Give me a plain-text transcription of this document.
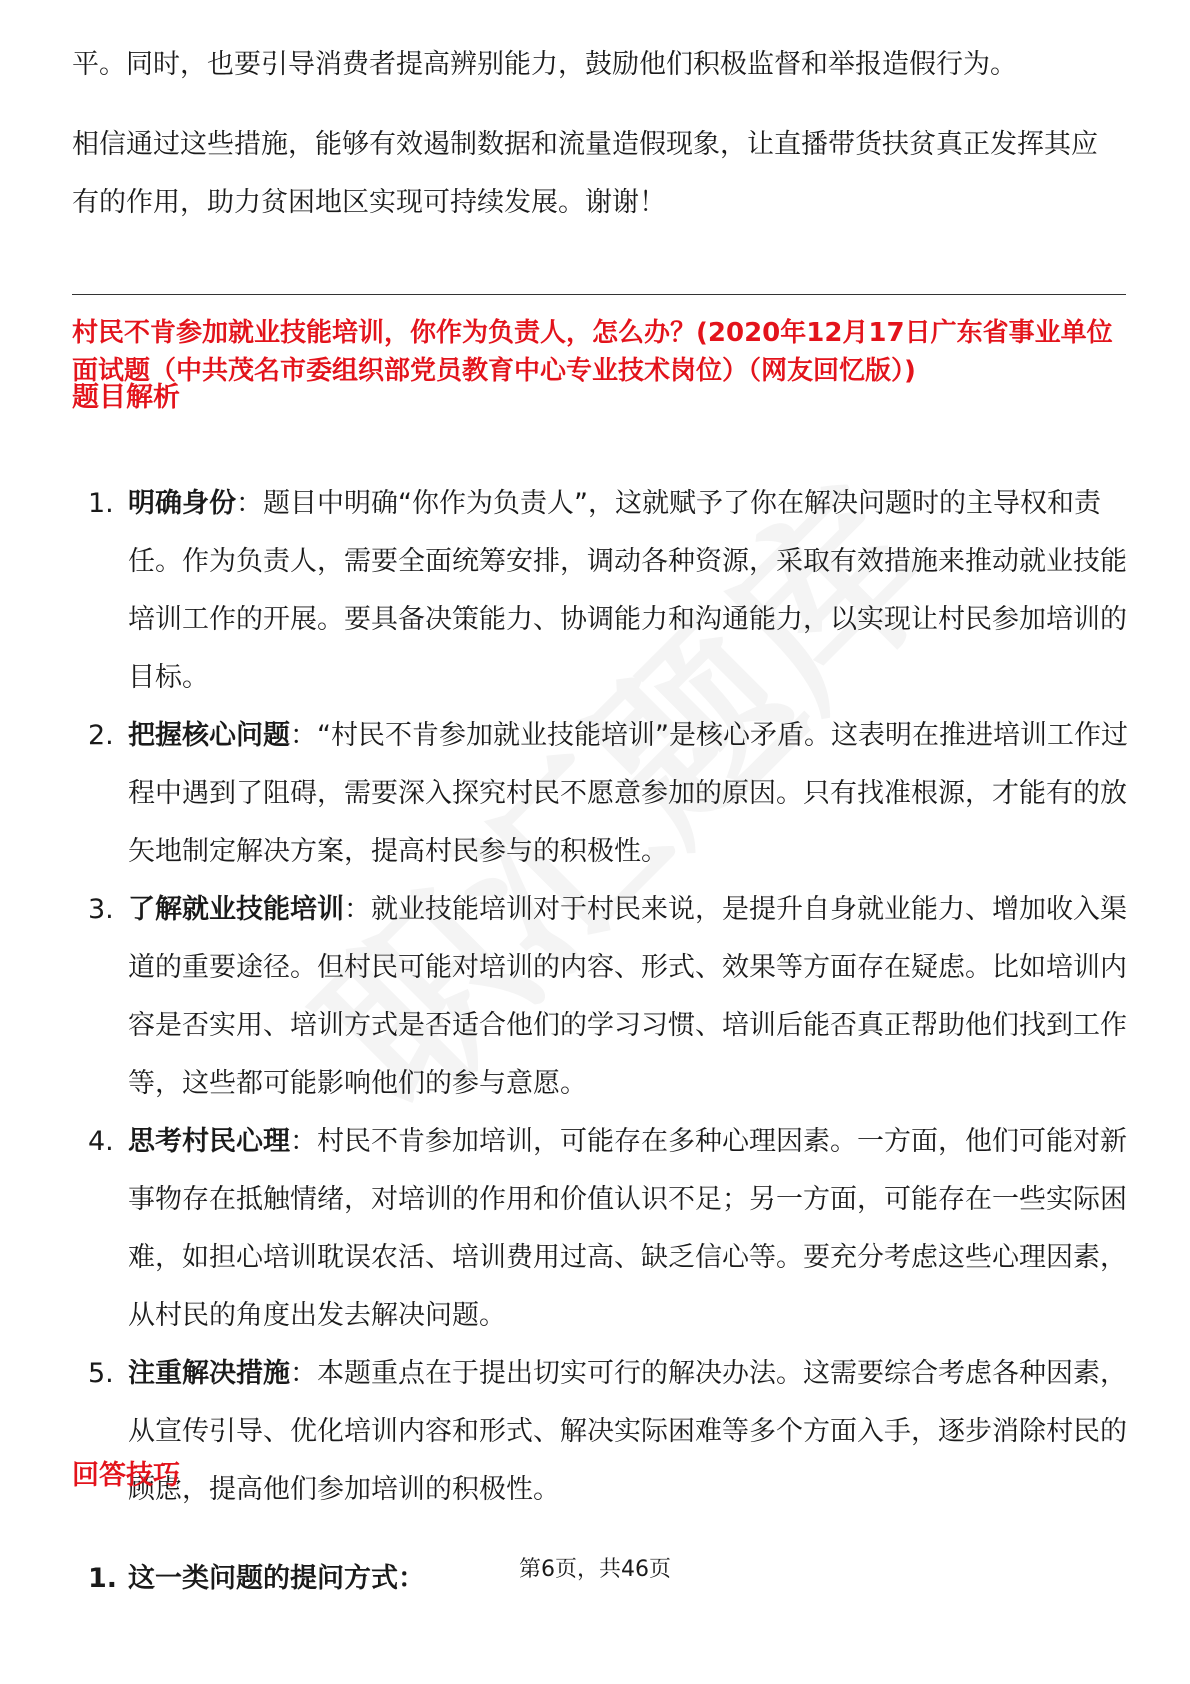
平。同时，也要引导消费者提高辨别能力，鼓励他们积极监督和举报造假行为。

相信通过这些措施，能够有效遏制数据和流量造假现象，让直播带货扶贫真正发挥其应有的作用，助力贫困地区实现可持续发展。谢谢！

村民不肯参加就业技能培训，你作为负责人，怎么办？(2020年12月17日广东省事业单位面试题（中共茂名市委组织部党员教育中心专业技术岗位）（网友回忆版）)

题目解析

1. 明确身份：题目中明确“你作为负责人”，这就赋予了你在解决问题时的主导权和责任。作为负责人，需要全面统筹安排，调动各种资源，采取有效措施来推动就业技能培训工作的开展。要具备决策能力、协调能力和沟通能力，以实现让村民参加培训的目标。
2. 把握核心问题：“村民不肯参加就业技能培训”是核心矛盾。这表明在推进培训工作过程中遇到了阻碍，需要深入探究村民不愿意参加的原因。只有找准根源，才能有的放矢地制定解决方案，提高村民参与的积极性。
3. 了解就业技能培训：就业技能培训对于村民来说，是提升自身就业能力、增加收入渠道的重要途径。但村民可能对培训的内容、形式、效果等方面存在疑虑。比如培训内容是否实用、培训方式是否适合他们的学习习惯、培训后能否真正帮助他们找到工作等，这些都可能影响他们的参与意愿。
4. 思考村民心理：村民不肯参加培训，可能存在多种心理因素。一方面，他们可能对新事物存在抵触情绪，对培训的作用和价值认识不足；另一方面，可能存在一些实际困难，如担心培训耽误农活、培训费用过高、缺乏信心等。要充分考虑这些心理因素，从村民的角度出发去解决问题。
5. 注重解决措施：本题重点在于提出切实可行的解决办法。这需要综合考虑各种因素，从宣传引导、优化培训内容和形式、解决实际困难等多个方面入手，逐步消除村民的顾虑，提高他们参加培训的积极性。

回答技巧

1. 这一类问题的提问方式：	第6页，共46页
